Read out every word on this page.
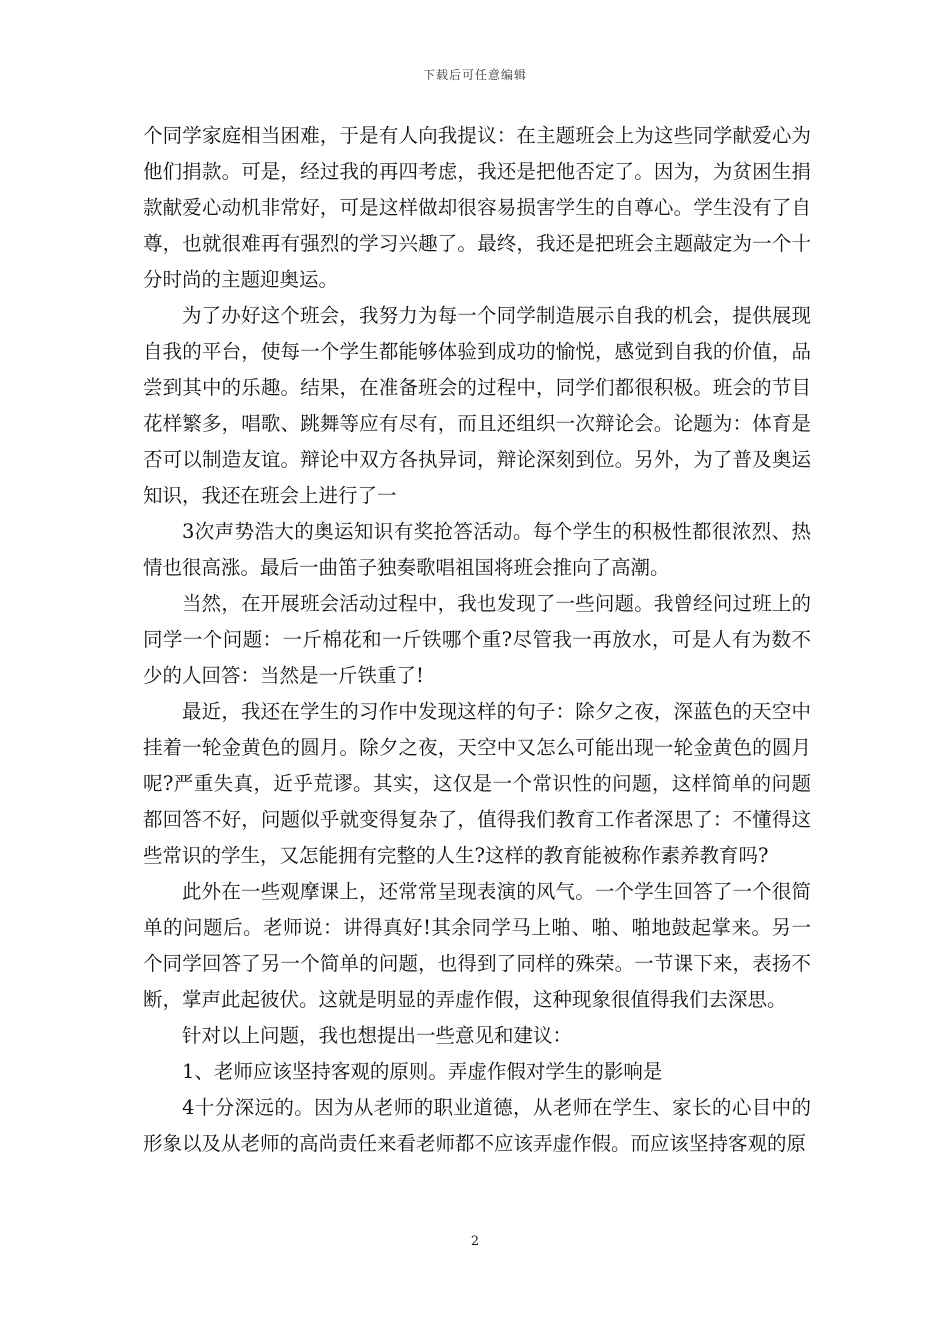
下载后可任意编辑

个同学家庭相当困难，于是有人向我提议：在主题班会上为这些同学献爱心为他们捐款。可是，经过我的再四考虑，我还是把他否定了。因为，为贫困生捐款献爱心动机非常好，可是这样做却很容易损害学生的自尊心。学生没有了自尊，也就很难再有强烈的学习兴趣了。最终，我还是把班会主题敲定为一个十分时尚的主题迎奥运。

为了办好这个班会，我努力为每一个同学制造展示自我的机会，提供展现自我的平台，使每一个学生都能够体验到成功的愉悦，感觉到自我的价值，品尝到其中的乐趣。结果，在准备班会的过程中，同学们都很积极。班会的节目花样繁多，唱歌、跳舞等应有尽有，而且还组织一次辩论会。论题为：体育是否可以制造友谊。辩论中双方各执异词，辩论深刻到位。另外，为了普及奥运知识，我还在班会上进行了一

3次声势浩大的奥运知识有奖抢答活动。每个学生的积极性都很浓烈、热情也很高涨。最后一曲笛子独奏歌唱祖国将班会推向了高潮。

当然，在开展班会活动过程中，我也发现了一些问题。我曾经问过班上的同学一个问题：一斤棉花和一斤铁哪个重?尽管我一再放水，可是人有为数不少的人回答：当然是一斤铁重了!

最近，我还在学生的习作中发现这样的句子：除夕之夜，深蓝色的天空中挂着一轮金黄色的圆月。除夕之夜，天空中又怎么可能出现一轮金黄色的圆月呢?严重失真，近乎荒谬。其实，这仅是一个常识性的问题，这样简单的问题都回答不好，问题似乎就变得复杂了，值得我们教育工作者深思了：不懂得这些常识的学生，又怎能拥有完整的人生?这样的教育能被称作素养教育吗?

此外在一些观摩课上，还常常呈现表演的风气。一个学生回答了一个很简单的问题后。老师说：讲得真好!其余同学马上啪、啪、啪地鼓起掌来。另一个同学回答了另一个简单的问题，也得到了同样的殊荣。一节课下来，表扬不断，掌声此起彼伏。这就是明显的弄虚作假，这种现象很值得我们去深思。

针对以上问题，我也想提出一些意见和建议：

1、老师应该坚持客观的原则。弄虚作假对学生的影响是

4十分深远的。因为从老师的职业道德，从老师在学生、家长的心目中的形象以及从老师的高尚责任来看老师都不应该弄虚作假。而应该坚持客观的原

2
